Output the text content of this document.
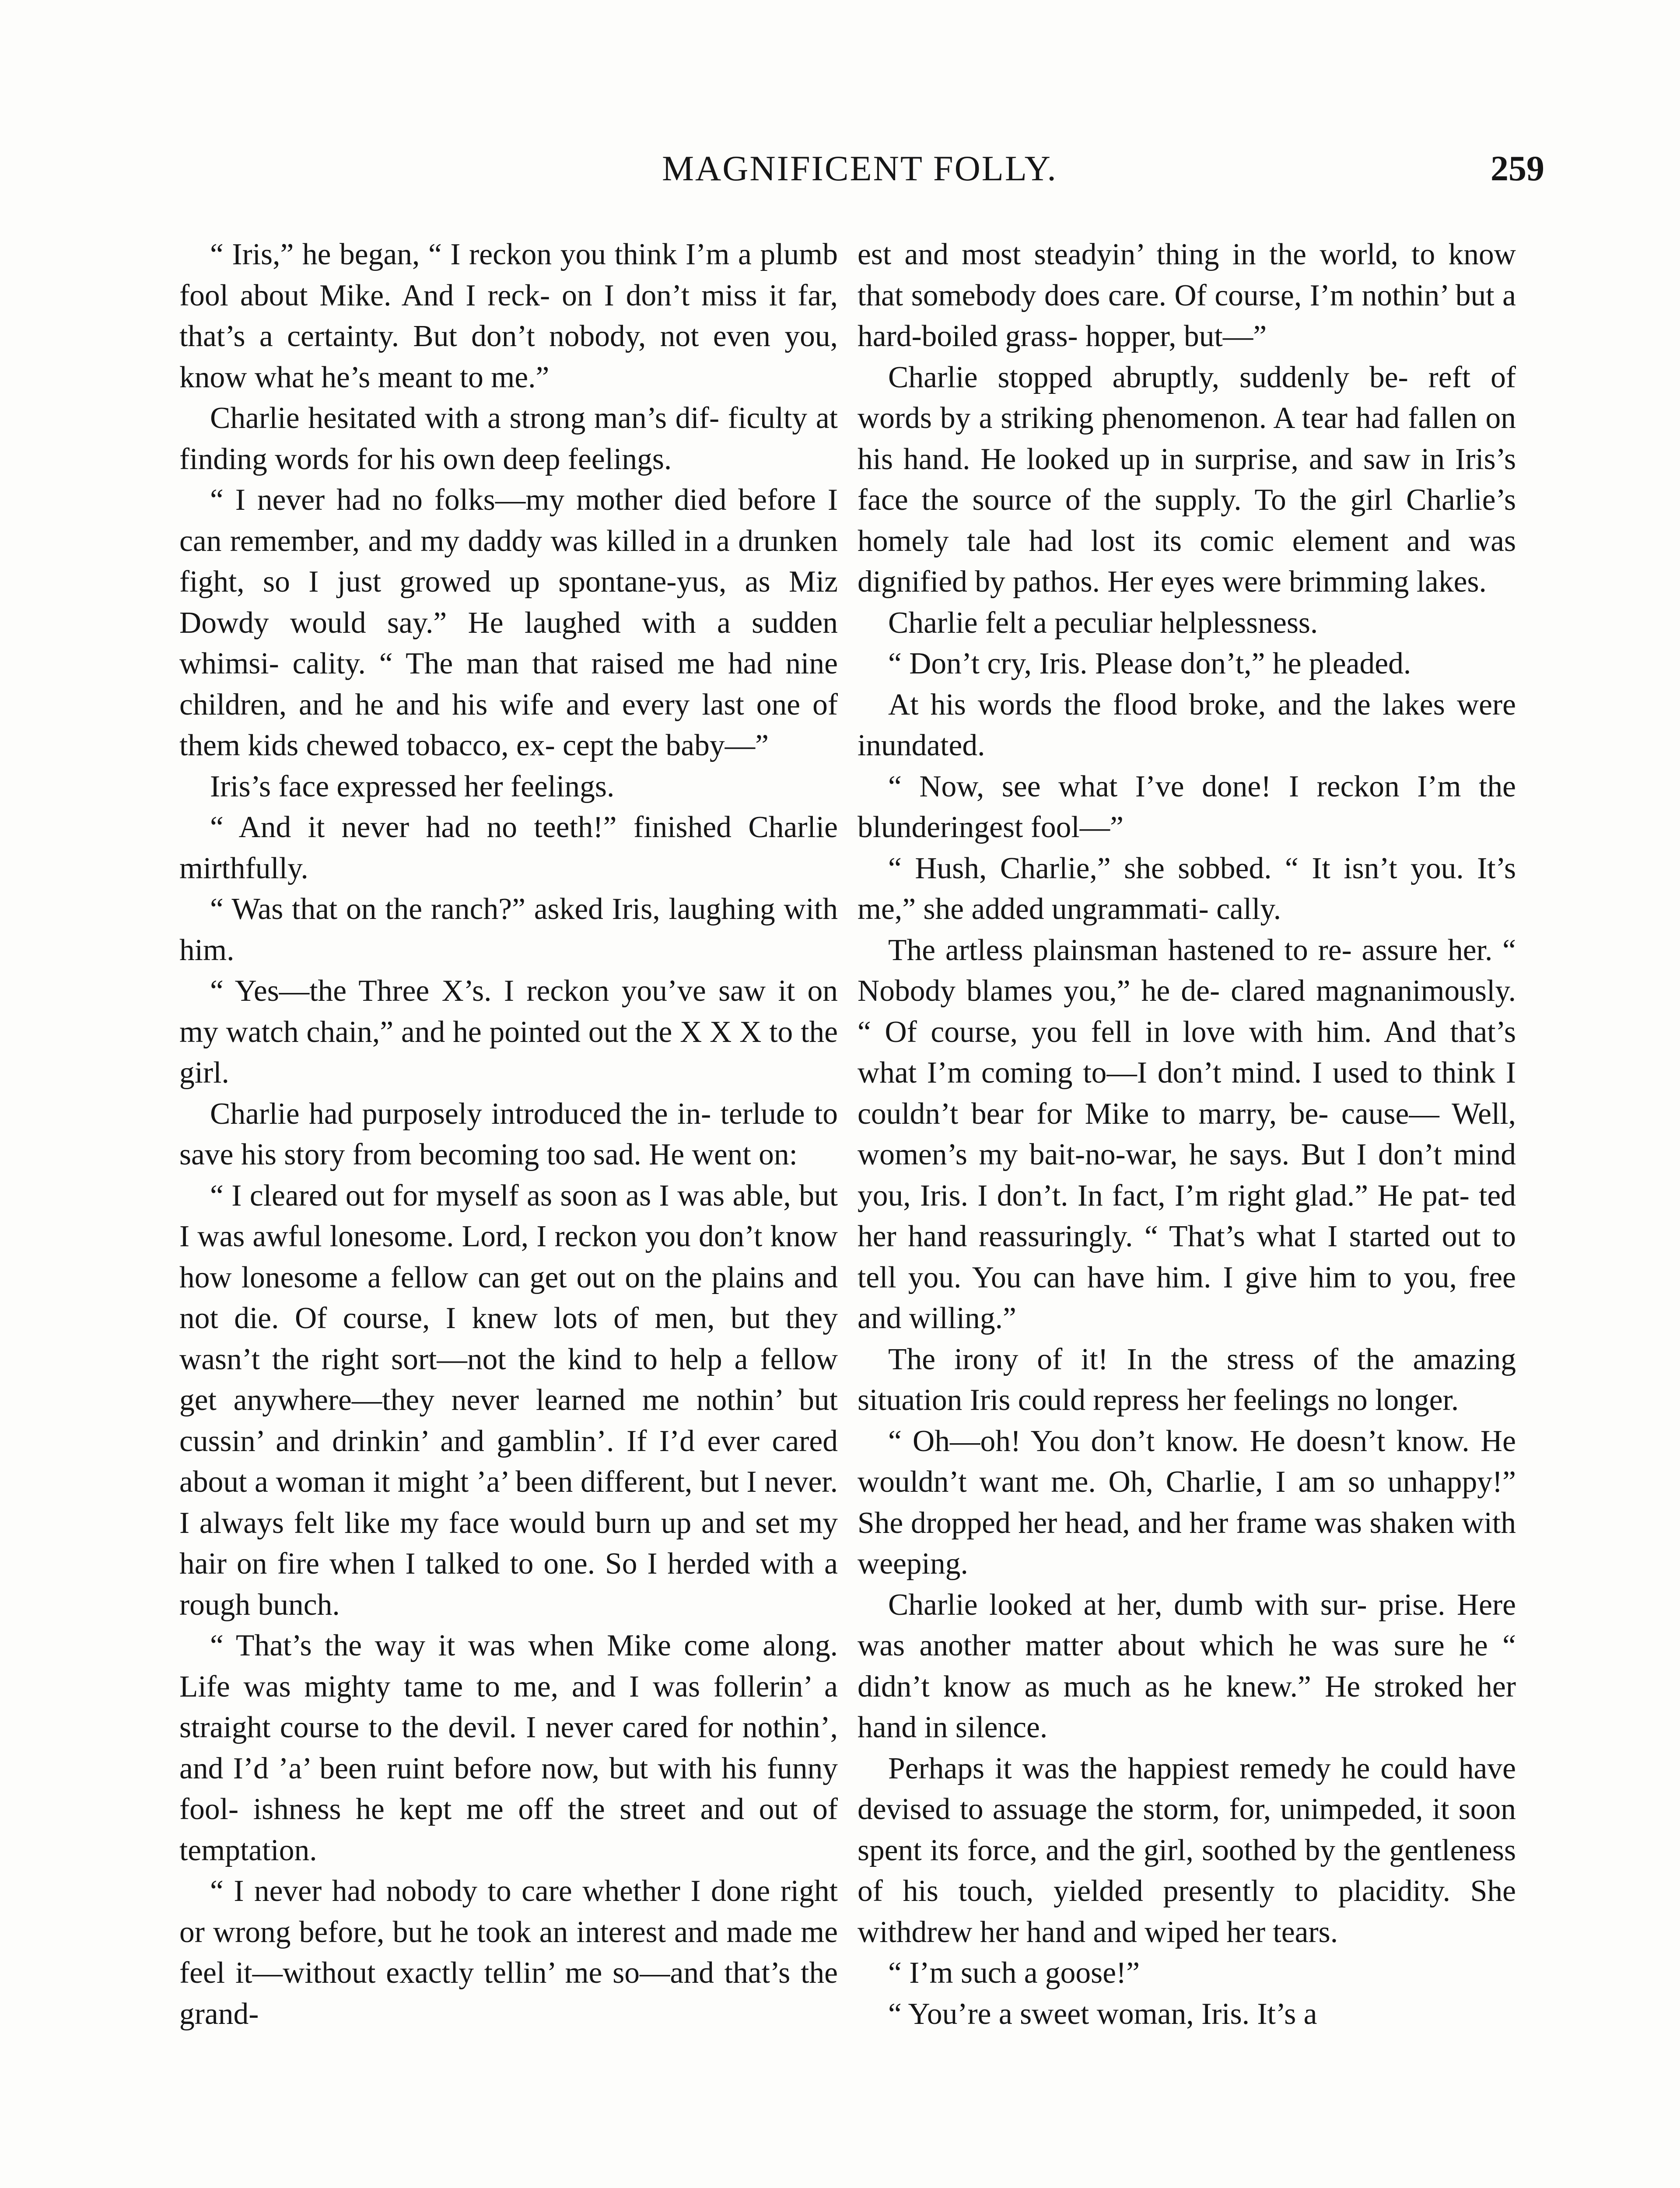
MAGNIFICENT FOLLY.	259

“ Iris,” he began, “ I reckon you think I’m a plumb fool about Mike. And I reck- on I don’t miss it far, that’s a certainty. But don’t nobody, not even you, know what he’s meant to me.”

Charlie hesitated with a strong man’s dif- ficulty at finding words for his own deep feelings.

“ I never had no folks—my mother died before I can remember, and my daddy was killed in a drunken fight, so I just growed up spontane-yus, as Miz Dowdy would say.” He laughed with a sudden whimsi- cality. “ The man that raised me had nine children, and he and his wife and every last one of them kids chewed tobacco, ex- cept the baby—”

Iris’s face expressed her feelings.

“ And it never had no teeth!” finished Charlie mirthfully.

“ Was that on the ranch?” asked Iris, laughing with him.

“ Yes—the Three X’s. I reckon you’ve saw it on my watch chain,” and he pointed out the X X X to the girl.

Charlie had purposely introduced the in- terlude to save his story from becoming too sad. He went on:

“ I cleared out for myself as soon as I was able, but I was awful lonesome. Lord, I reckon you don’t know how lonesome a fellow can get out on the plains and not die. Of course, I knew lots of men, but they wasn’t the right sort—not the kind to help a fellow get anywhere—they never learned me nothin’ but cussin’ and drinkin’ and gamblin’. If I’d ever cared about a woman it might ’a’ been different, but I never. I always felt like my face would burn up and set my hair on fire when I talked to one. So I herded with a rough bunch.

“ That’s the way it was when Mike come along. Life was mighty tame to me, and I was follerin’ a straight course to the devil. I never cared for nothin’, and I’d ’a’ been ruint before now, but with his funny fool- ishness he kept me off the street and out of temptation.

“ I never had nobody to care whether I done right or wrong before, but he took an interest and made me feel it—without exactly tellin’ me so—and that’s the grand-

est and most steadyin’ thing in the world, to know that somebody does care. Of course, I’m nothin’ but a hard-boiled grass- hopper, but—”

Charlie stopped abruptly, suddenly be- reft of words by a striking phenomenon. A tear had fallen on his hand. He looked up in surprise, and saw in Iris’s face the source of the supply. To the girl Charlie’s homely tale had lost its comic element and was dignified by pathos. Her eyes were brimming lakes.

Charlie felt a peculiar helplessness.

“ Don’t cry, Iris. Please don’t,” he pleaded.

At his words the flood broke, and the lakes were inundated.

“ Now, see what I’ve done! I reckon I’m the blunderingest fool—”

“ Hush, Charlie,” she sobbed. “ It isn’t you. It’s me,” she added ungrammati- cally.

The artless plainsman hastened to re- assure her. “ Nobody blames you,” he de- clared magnanimously. “ Of course, you fell in love with him. And that’s what I’m coming to—I don’t mind. I used to think I couldn’t bear for Mike to marry, be- cause— Well, women’s my bait-no-war, he says. But I don’t mind you, Iris. I don’t. In fact, I’m right glad.” He pat- ted her hand reassuringly. “ That’s what I started out to tell you. You can have him. I give him to you, free and willing.”

The irony of it! In the stress of the amazing situation Iris could repress her feelings no longer.

“ Oh—oh! You don’t know. He doesn’t know. He wouldn’t want me. Oh, Charlie, I am so unhappy!” She dropped her head, and her frame was shaken with weeping.

Charlie looked at her, dumb with sur- prise. Here was another matter about which he was sure he “ didn’t know as much as he knew.” He stroked her hand in silence.

Perhaps it was the happiest remedy he could have devised to assuage the storm, for, unimpeded, it soon spent its force, and the girl, soothed by the gentleness of his touch, yielded presently to placidity. She withdrew her hand and wiped her tears.

“ I’m such a goose!”

“ You’re a sweet woman, Iris. It’s a
